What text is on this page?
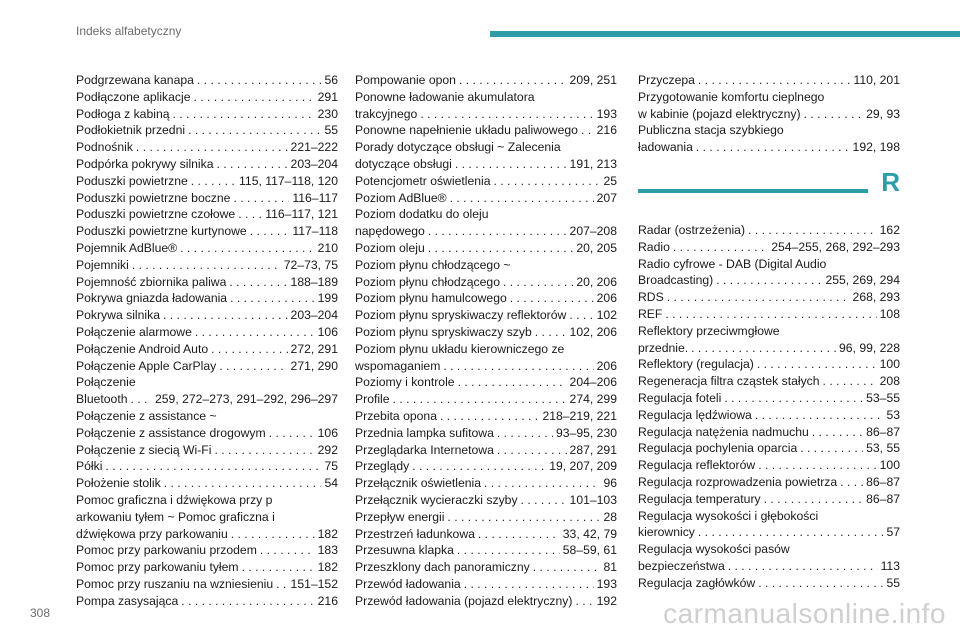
Indeks alfabetyczny
Podgrzewana kanapa . . .	56
Podłączone aplikacje . . .	291
Podłoga z kabiną . . .	230
Podłokietnik przedni . . .	55
Podnośnik . . .	221–222
Podpórka pokrywy silnika . . .	203–204
Poduszki powietrzne . . .	115, 117–118, 120
Poduszki powietrzne boczne . . .	116–117
Poduszki powietrzne czołowe . . . 116–117, 121
Poduszki powietrzne kurtynowe . . .	117–118
Pojemnik AdBlue® . . .	210
Pojemniki . . .	72–73, 75
Pojemność zbiornika paliwa . . .	188–189
Pokrywa gniazda ładowania . . .	199
Pokrywa silnika . . .	203–204
Połączenie alarmowe . . .	106
Połączenie Android Auto . . .	272, 291
Połączenie Apple CarPlay . . .	271, 290
Połączenie
Bluetooth . . . 259, 272–273, 291–292, 296–297
Połączenie z assistance ~
Połączenie z assistance drogowym . . .	106
Połączenie z siecią Wi-Fi . . .	292
Półki . . .	75
Położenie stolik . . .	54
Pomoc graficzna i dźwiękowa przy p
arkowaniu tyłem ~ Pomoc graficzna i
dźwiękowa przy parkowaniu . . .	182
Pomoc przy parkowaniu przodem . . .	183
Pomoc przy parkowaniu tyłem . . .	182
Pomoc przy ruszaniu na wzniesieniu . . . 151–152
Pompa zasysająca . . .	216
Pompowanie opon . . .	209, 251
Ponowne ładowanie akumulatora
trakcyjnego . . .	193
Ponowne napełnienie układu paliwowego . . . 216
Porady dotyczące obsługi ~ Zalecenia
dotyczące obsługi . . .	191, 213
Potencjometr oświetlenia . . .	25
Poziom AdBlue® . . .	207
Poziom dodatku do oleju
napędowego . . .	207–208
Poziom oleju . . .	20, 205
Poziom płynu chłodzącego ~
Poziom płynu chłodzącego . . .	20, 206
Poziom płynu hamulcowego . . .	206
Poziom płynu spryskiwaczy reflektorów . . . 102
Poziom płynu spryskiwaczy szyb . . .	102, 206
Poziom płynu układu kierowniczego ze
wspomaganiem . . .	206
Poziomy i kontrole . . .	204–206
Profile . . .	274, 299
Przebita opona . . .	218–219, 221
Przednia lampka sufitowa . . .	93–95, 230
Przeglądarka Internetowa . . .	287, 291
Przeglądy . . .	19, 207, 209
Przełącznik oświetlenia . . .	96
Przełącznik wycieraczki szyby . . .	101–103
Przepływ energii . . .	28
Przestrzeń ładunkowa . . .	33, 42, 79
Przesuwna klapka . . .	58–59, 61
Przeszklony dach panoramiczny . . .	81
Przewód ładowania . . .	193
Przewód ładowania (pojazd elektryczny) . . . 192
Przyczepa . . .	110, 201
Przygotowanie komfortu cieplnego
w kabinie (pojazd elektryczny) . . .	29, 93
Publiczna stacja szybkiego
ładowania . . .	192, 198
R
Radar (ostrzeżenia) . . .	162
Radio . . .	254–255, 268, 292–293
Radio cyfrowe - DAB (Digital Audio
Broadcasting) . . .	255, 269, 294
RDS . . .	268, 293
REF . . .	108
Reflektory przeciwmgłowe
przednie. . . .	96, 99, 228
Reflektory (regulacja) . . .	100
Regeneracja filtra cząstek stałych . . .	208
Regulacja foteli . . .	53–55
Regulacja lędźwiowa . . .	53
Regulacja natężenia nadmuchu . . .	86–87
Regulacja pochylenia oparcia . . .	53, 55
Regulacja reflektorów . . .	100
Regulacja rozprowadzenia powietrza . . . 86–87
Regulacja temperatury . . .	86–87
Regulacja wysokości i głębokości
kierownicy . . .	57
Regulacja wysokości pasów
bezpieczeństwa . . .	113
Regulacja zagłówków . . .	55
308	carmanualsonline.info
